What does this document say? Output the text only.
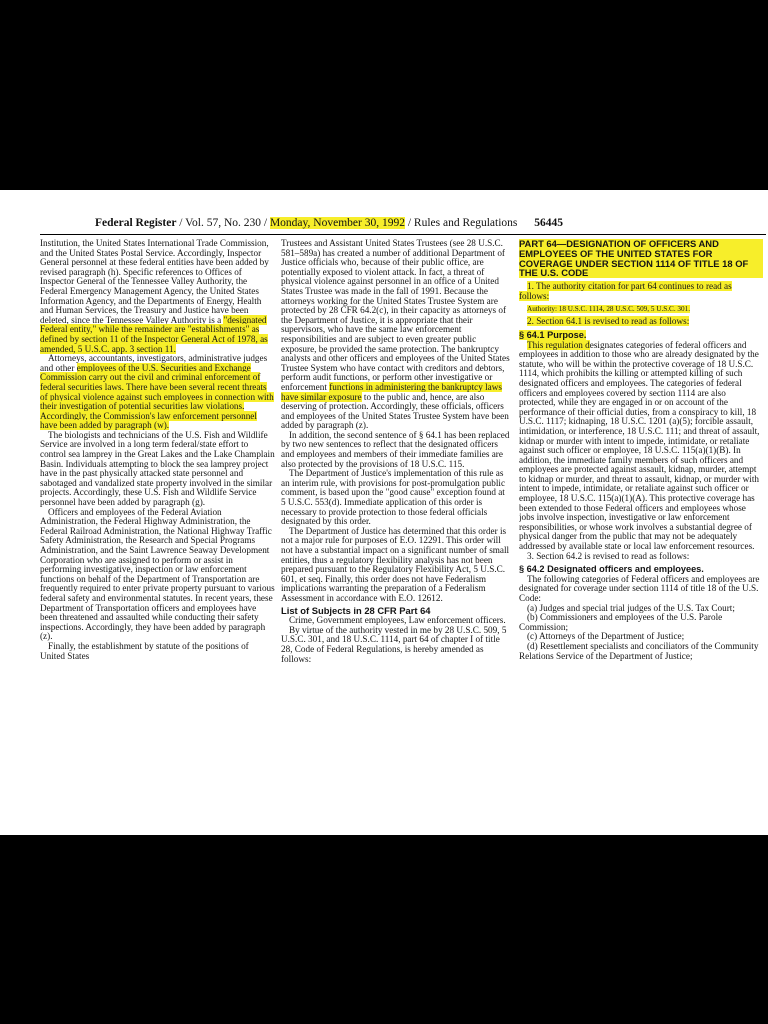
Federal Register / Vol. 57, No. 230 / Monday, November 30, 1992 / Rules and Regulations 56445

Institution, the United States International Trade Commission, and the United States Postal Service. Accordingly, Inspector General personnel at these federal entities have been added by revised paragraph (h). Specific references to Offices of Inspector General of the Tennessee Valley Authority, the Federal Emergency Management Agency, the United States Information Agency, and the Departments of Energy, Health and Human Services, the Treasury and Justice have been deleted, since the Tennessee Valley Authority is a "designated Federal entity," while the remainder are "establishments" as defined by section 11 of the Inspector General Act of 1978, as amended, 5 U.S.C. app. 3 section 11.

Attorneys, accountants, investigators, administrative judges and other employees of the U.S. Securities and Exchange Commission carry out the civil and criminal enforcement of federal securities laws. There have been several recent threats of physical violence against such employees in connection with their investigation of potential securities law violations. Accordingly, the Commission's law enforcement personnel have been added by paragraph (w).

The biologists and technicians of the U.S. Fish and Wildlife Service are involved in a long term federal/state effort to control sea lamprey in the Great Lakes and the Lake Champlain Basin. Individuals attempting to block the sea lamprey project have in the past physically attacked state personnel and sabotaged and vandalized state property involved in the similar projects. Accordingly, these U.S. Fish and Wildlife Service personnel have been added by paragraph (g).

Officers and employees of the Federal Aviation Administration, the Federal Highway Administration, the Federal Railroad Administration, the National Highway Traffic Safety Administration, the Research and Special Programs Administration, and the Saint Lawrence Seaway Development Corporation who are assigned to perform or assist in performing investigative, inspection or law enforcement functions on behalf of the Department of Transportation are frequently required to enter private property pursuant to various federal safety and environmental statutes. In recent years, these Department of Transportation officers and employees have been threatened and assaulted while conducting their safety inspections. Accordingly, they have been added by paragraph (z).

Finally, the establishment by statute of the positions of United States

Trustees and Assistant United States Trustees (see 28 U.S.C. 581–589a) has created a number of additional Department of Justice officials who, because of their public office, are potentially exposed to violent attack. In fact, a threat of physical violence against personnel in an office of a United States Trustee was made in the fall of 1991. Because the attorneys working for the United States Trustee System are protected by 28 CFR 64.2(c), in their capacity as attorneys of the Department of Justice, it is appropriate that their supervisors, who have the same law enforcement responsibilities and are subject to even greater public exposure, be provided the same protection. The bankruptcy analysts and other officers and employees of the United States Trustee System who have contact with creditors and debtors, perform audit functions, or perform other investigative or enforcement functions in administering the bankruptcy laws have similar exposure to the public and, hence, are also deserving of protection. Accordingly, these officials, officers and employees of the United States Trustee System have been added by paragraph (z).

In addition, the second sentence of § 64.1 has been replaced by two new sentences to reflect that the designated officers and employees and members of their immediate families are also protected by the provisions of 18 U.S.C. 115.

The Department of Justice's implementation of this rule as an interim rule, with provisions for post-promulgation public comment, is based upon the "good cause" exception found at 5 U.S.C. 553(d). Immediate application of this order is necessary to provide protection to those federal officials designated by this order.

The Department of Justice has determined that this order is not a major rule for purposes of E.O. 12291. This order will not have a substantial impact on a significant number of small entities, thus a regulatory flexibility analysis has not been prepared pursuant to the Regulatory Flexibility Act, 5 U.S.C. 601, et seq. Finally, this order does not have Federalism implications warranting the preparation of a Federalism Assessment in accordance with E.O. 12612.

List of Subjects in 28 CFR Part 64

Crime, Government employees, Law enforcement officers.

By virtue of the authority vested in me by 28 U.S.C. 509, 5 U.S.C. 301, and 18 U.S.C. 1114, part 64 of chapter I of title 28, Code of Federal Regulations, is hereby amended as follows:

PART 64—DESIGNATION OF OFFICERS AND EMPLOYEES OF THE UNITED STATES FOR COVERAGE UNDER SECTION 1114 OF TITLE 18 OF THE U.S. CODE

1. The authority citation for part 64 continues to read as follows:

Authority: 18 U.S.C. 1114, 28 U.S.C. 509, 5 U.S.C. 301.

2. Section 64.1 is revised to read as follows:

§ 64.1 Purpose.

This regulation designates categories of federal officers and employees in addition to those who are already designated by the statute, who will be within the protective coverage of 18 U.S.C. 1114, which prohibits the killing or attempted killing of such designated officers and employees. The categories of federal officers and employees covered by section 1114 are also protected, while they are engaged in or on account of the performance of their official duties, from a conspiracy to kill, 18 U.S.C. 1117; kidnaping, 18 U.S.C. 1201 (a)(5); forcible assault, intimidation, or interference, 18 U.S.C. 111; and threat of assault, kidnap or murder with intent to impede, intimidate, or retaliate against such officer or employee, 18 U.S.C. 115(a)(1)(B). In addition, the immediate family members of such officers and employees are protected against assault, kidnap, murder, attempt to kidnap or murder, and threat to assault, kidnap, or murder with intent to impede, intimidate, or retaliate against such officer or employee, 18 U.S.C. 115(a)(1)(A). This protective coverage has been extended to those Federal officers and employees whose jobs involve inspection, investigative or law enforcement responsibilities, or whose work involves a substantial degree of physical danger from the public that may not be adequately addressed by available state or local law enforcement resources.

3. Section 64.2 is revised to read as follows:

§ 64.2 Designated officers and employees.

The following categories of Federal officers and employees are designated for coverage under section 1114 of title 18 of the U.S. Code:

(a) Judges and special trial judges of the U.S. Tax Court;

(b) Commissioners and employees of the U.S. Parole Commission;

(c) Attorneys of the Department of Justice;

(d) Resettlement specialists and conciliators of the Community Relations Service of the Department of Justice;
